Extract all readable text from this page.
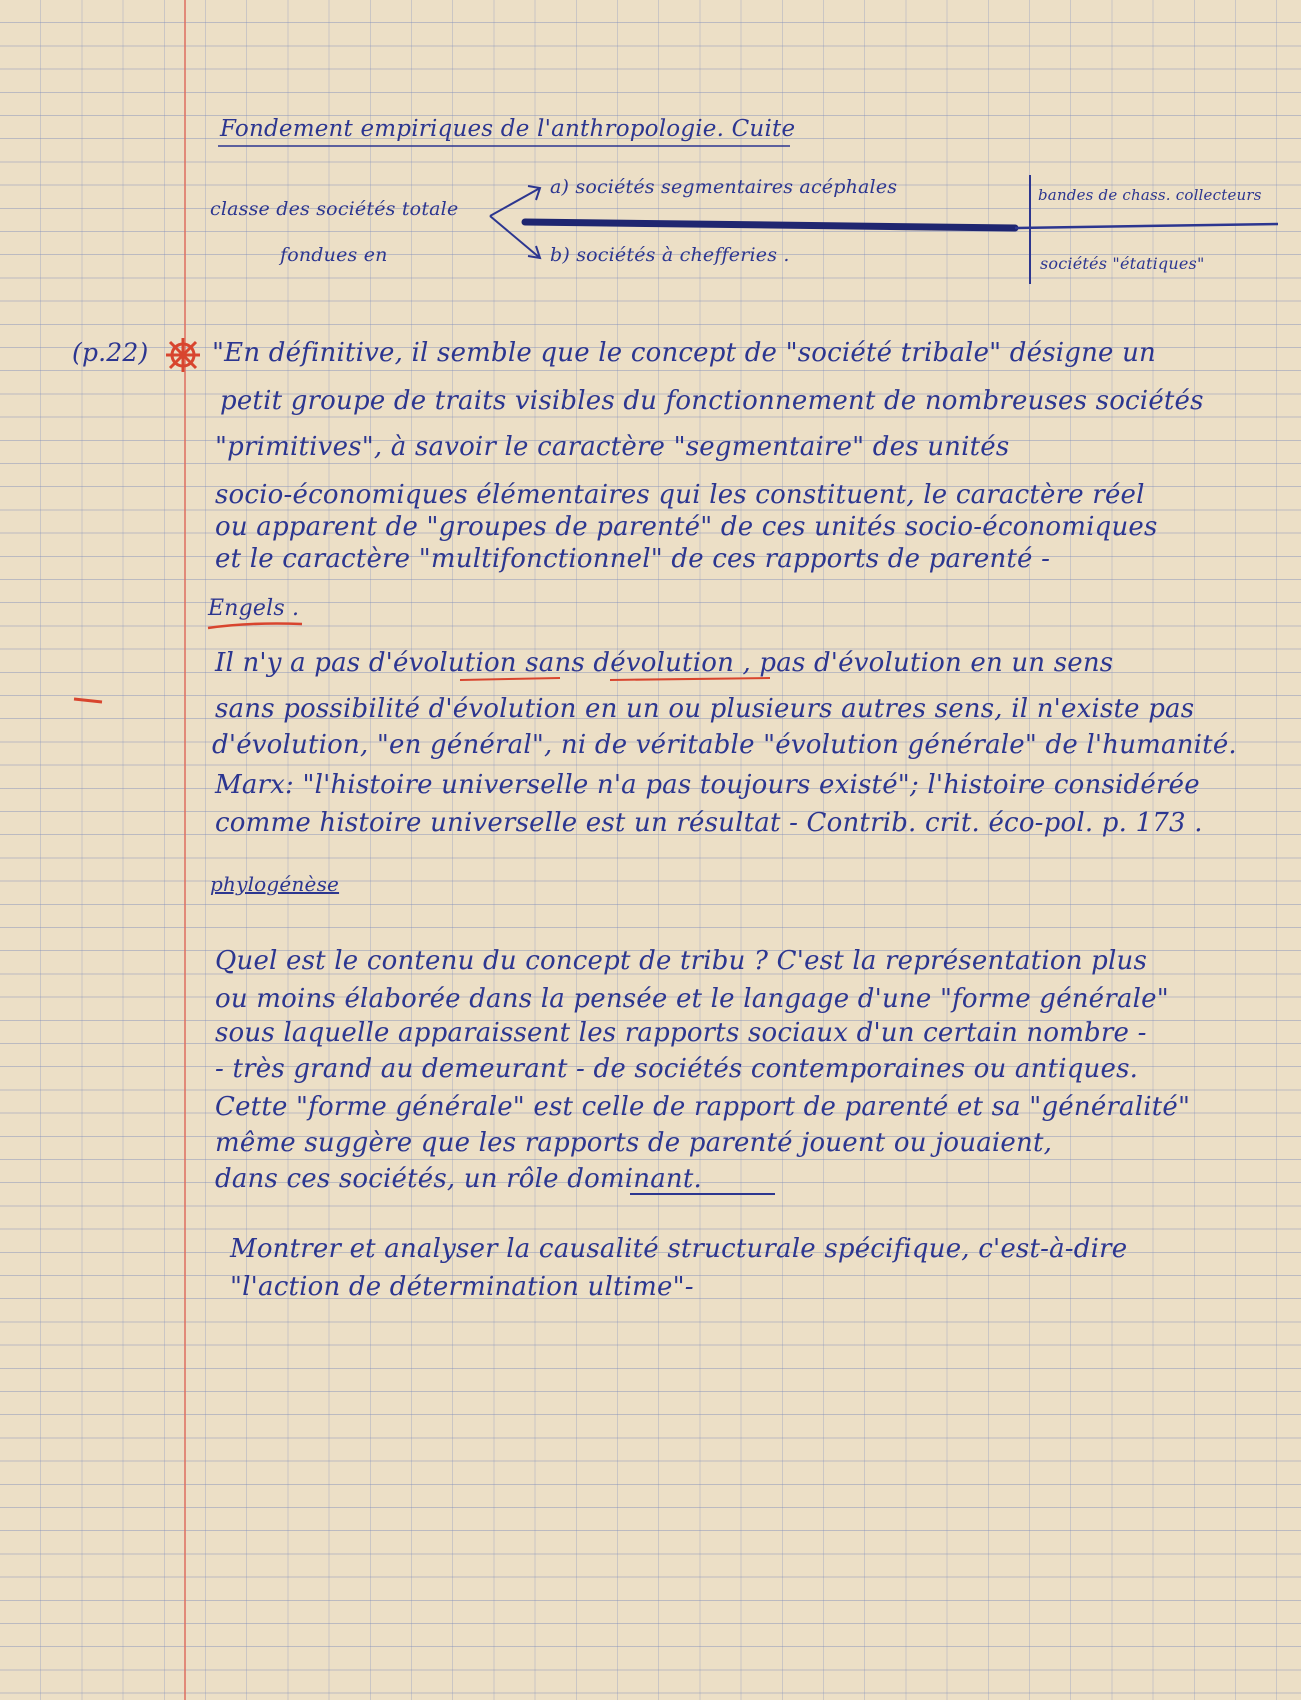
Fondement empiriques de l'anthropologie. Cuite

classe des sociétés totale

fondues en

a) sociétés segmentaires acéphales

b) sociétés à chefferies .

bandes de chass. collecteurs

sociétés "étatiques"

(p.22) "En définitive, il semble que le concept de "société tribale" désigne un

petit groupe de traits visibles du fonctionnement de nombreuses sociétés

"primitives", à savoir le caractère "segmentaire" des unités

socio-économiques élémentaires qui les constituent, le caractère réel

ou apparent de "groupes de parenté" de ces unités socio-économiques

et le caractère "multifonctionnel" de ces rapports de parenté -

Engels .

Il n'y a pas d'évolution sans dévolution , pas d'évolution en un sens

sans possibilité d'évolution en un ou plusieurs autres sens, il n'existe pas

d'évolution, "en général", ni de véritable "évolution générale" de l'humanité.

Marx: "l'histoire universelle n'a pas toujours existé"; l'histoire considérée

comme histoire universelle est un résultat - Contrib. crit. éco-pol. p. 173 .

phylogénèse

Quel est le contenu du concept de tribu ? C'est la représentation plus

ou moins élaborée dans la pensée et le langage d'une "forme générale"

sous laquelle apparaissent les rapports sociaux d'un certain nombre -

- très grand au demeurant - de sociétés contemporaines ou antiques.

Cette "forme générale" est celle de rapport de parenté et sa "généralité"

même suggère que les rapports de parenté jouent ou jouaient,

dans ces sociétés, un rôle dominant.

Montrer et analyser la causalité structurale spécifique, c'est-à-dire

"l'action de détermination ultime"-
